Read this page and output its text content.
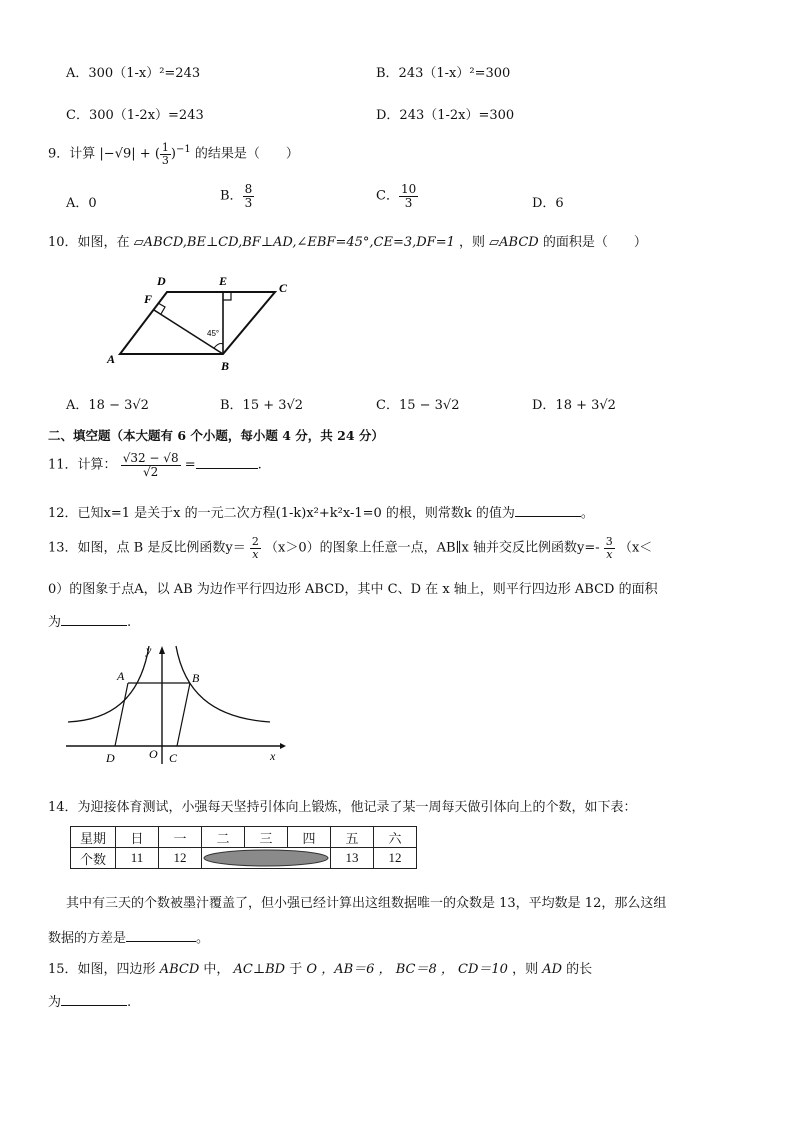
A．300（1-x）²=243	B．243（1-x）²=300
C．300（1-2x）=243	D．243（1-2x）=300
9．计算 |−√9| + ( $\frac{1}{3} )^{-1}$ 的结果是（　　）
A．0	B． $\frac{8}{3}$	C． $\frac{10}{3}$	D．6
10．如图，在 ▱ABCD,BE⊥CD,BF⊥AD,∠EBF=45°,CE=3,DF=1 ，则 ▱ABCD 的面积是（　　）
A	B
C
D	E
F
45°
A．18 − 3√2	B．15 + 3√2	C．15 − 3√2	D．18 + 3√2
二、填空题（本大题有 6 个小题，每小题 4 分，共 24 分）
11．计算： $\frac{√32 - √8}{√2}$ =	.
12．已知x=1 是关于x 的一元二次方程(1-k)x²+k²x-1=0 的根，则常数k 的值为	。
13．如图，点 B 是反比例函数$y= \frac{2}{x} (x>0)$的图象上任意一点，AB∥x 轴并交反比例函数$y=- \frac{3}{x} (x<$
0）的图象于点A，以 AB 为边作平行四边形 ABCD，其中 C、D 在 x 轴上，则平行四边形 ABCD 的面积
为	.
y
x
A	B
O C
D
14．为迎接体育测试，小强每天坚持引体向上锻炼，他记录了某一周每天做引体向上的个数，如下表：
星期	日	一	二	三	四	五	六
个数	11	12				13	12
其中有三天的个数被墨汁覆盖了，但小强已经计算出这组数据唯一的众数是 13，平均数是 12，那么这组
数据的方差是	。
15．如图，四边形 ABCD 中， AC⊥BD 于 O ，AB＝6 ， BC＝8 ， CD＝10 ，则 AD 的长
为	.
